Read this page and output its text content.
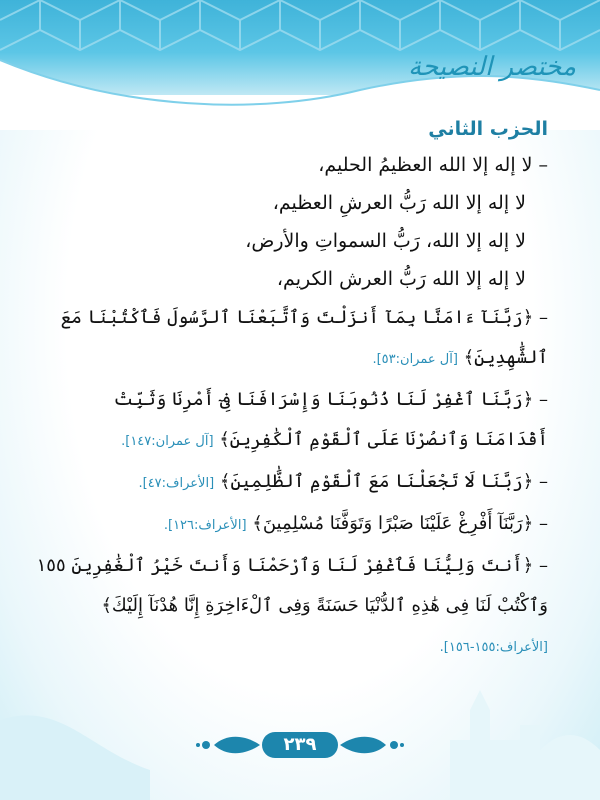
مختصر النصيحة
الحزب الثاني
–لا إله إلا الله العظيمُ الحليم،
لا إله إلا الله رَبُّ العرشِ العظيم،
لا إله إلا الله، رَبُّ السمواتِ والأرض،
لا إله إلا الله رَبُّ العرش الكريم،
– ﴿رَبَّنَآ ءَامَنَّا بِمَآ أَنزَلْتَ وَٱتَّبَعْنَا ٱلرَّسُولَ فَٱكْتُبْنَا مَعَ ٱلشَّٰهِدِينَ﴾ [آل عمران:٥٣].
– ﴿رَبَّنَا ٱغْفِرْ لَنَا ذُنُوبَنَا وَإِسْرَافَنَا فِىٓ أَمْرِنَا وَثَبِّتْ أَقْدَامَنَا وَٱنصُرْنَا عَلَى ٱلْقَوْمِ ٱلْكَٰفِرِينَ﴾ [آل عمران:١٤٧].
– ﴿رَبَّنَا لَا تَجْعَلْنَا مَعَ ٱلْقَوْمِ ٱلظَّٰلِمِينَ﴾ [الأعراف:٤٧].
– ﴿رَبَّنَآ أَفْرِغْ عَلَيْنَا صَبْرًا وَتَوَفَّنَا مُسْلِمِينَ﴾ [الأعراف:١٢٦].
– ﴿أَنتَ وَلِيُّنَا فَٱغْفِرْ لَنَا وَٱرْحَمْنَا وَأَنتَ خَيْرُ ٱلْغَٰفِرِينَ ١٥٥ وَٱكْتُبْ لَنَا فِى هَٰذِهِ ٱلدُّنْيَا حَسَنَةً وَفِى ٱلْءَاخِرَةِ إِنَّا هُدْنَآ إِلَيْكَ﴾ [الأعراف:١٥٥-١٥٦].
٢٣٩
